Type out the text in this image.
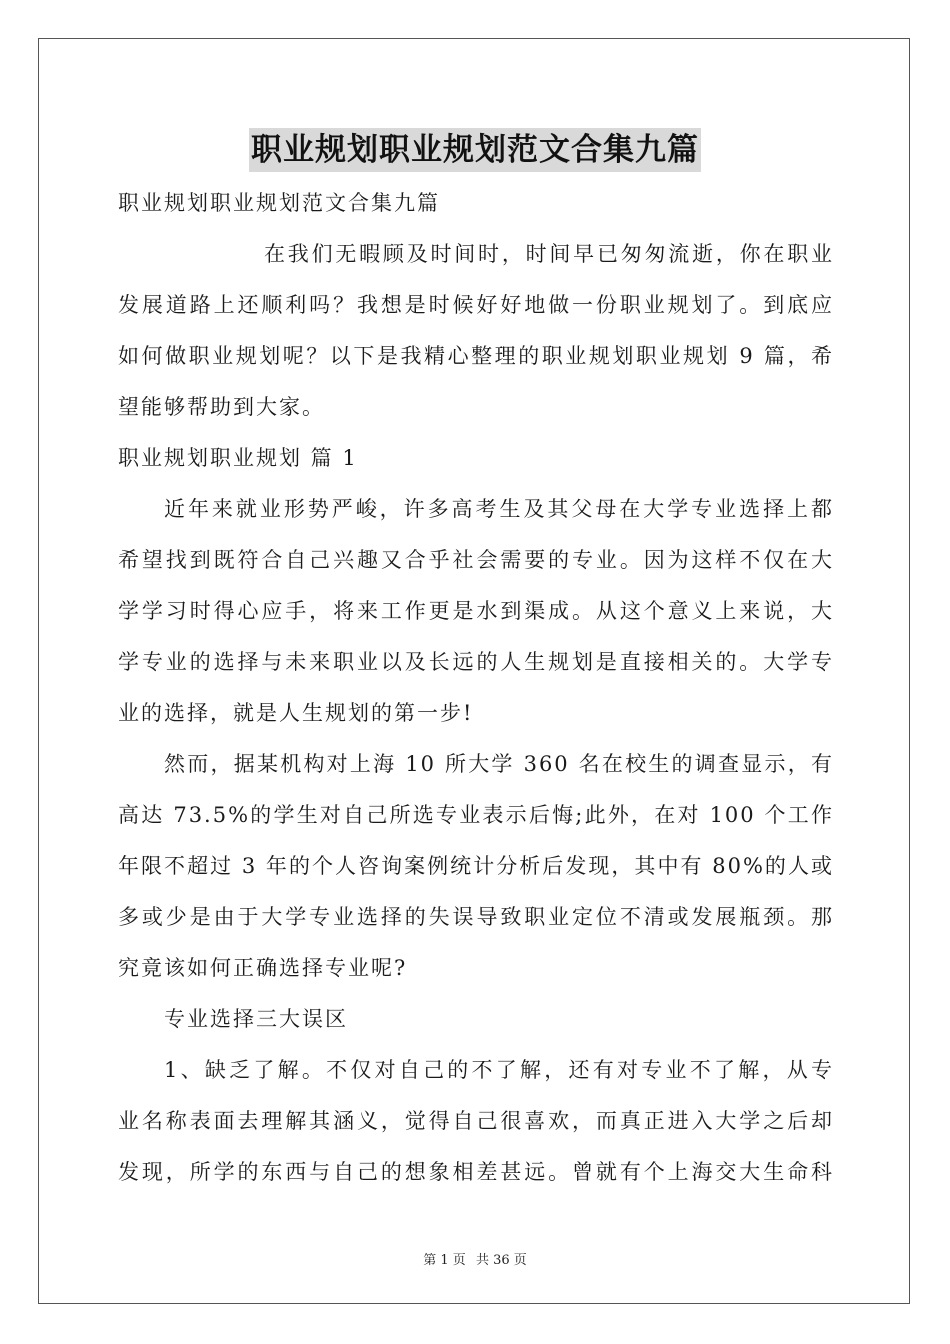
职业规划职业规划范文合集九篇

职业规划职业规划范文合集九篇

在我们无暇顾及时间时，时间早已匆匆流逝，你在职业

发展道路上还顺利吗？我想是时候好好地做一份职业规划了。到底应

如何做职业规划呢？以下是我精心整理的职业规划职业规划 9 篇，希

望能够帮助到大家。

职业规划职业规划 篇 1

近年来就业形势严峻，许多高考生及其父母在大学专业选择上都

希望找到既符合自己兴趣又合乎社会需要的专业。因为这样不仅在大

学学习时得心应手，将来工作更是水到渠成。从这个意义上来说，大

学专业的选择与未来职业以及长远的人生规划是直接相关的。大学专

业的选择，就是人生规划的第一步!

然而，据某机构对上海 10 所大学 360 名在校生的调查显示，有

高达 73.5%的学生对自己所选专业表示后悔;此外，在对 100 个工作

年限不超过 3 年的个人咨询案例统计分析后发现，其中有 80%的人或

多或少是由于大学专业选择的失误导致职业定位不清或发展瓶颈。那

究竟该如何正确选择专业呢?

专业选择三大误区

1、缺乏了解。不仅对自己的不了解，还有对专业不了解，从专

业名称表面去理解其涵义，觉得自己很喜欢，而真正进入大学之后却

发现，所学的东西与自己的想象相差甚远。曾就有个上海交大生命科

第 1 页 共 36 页
